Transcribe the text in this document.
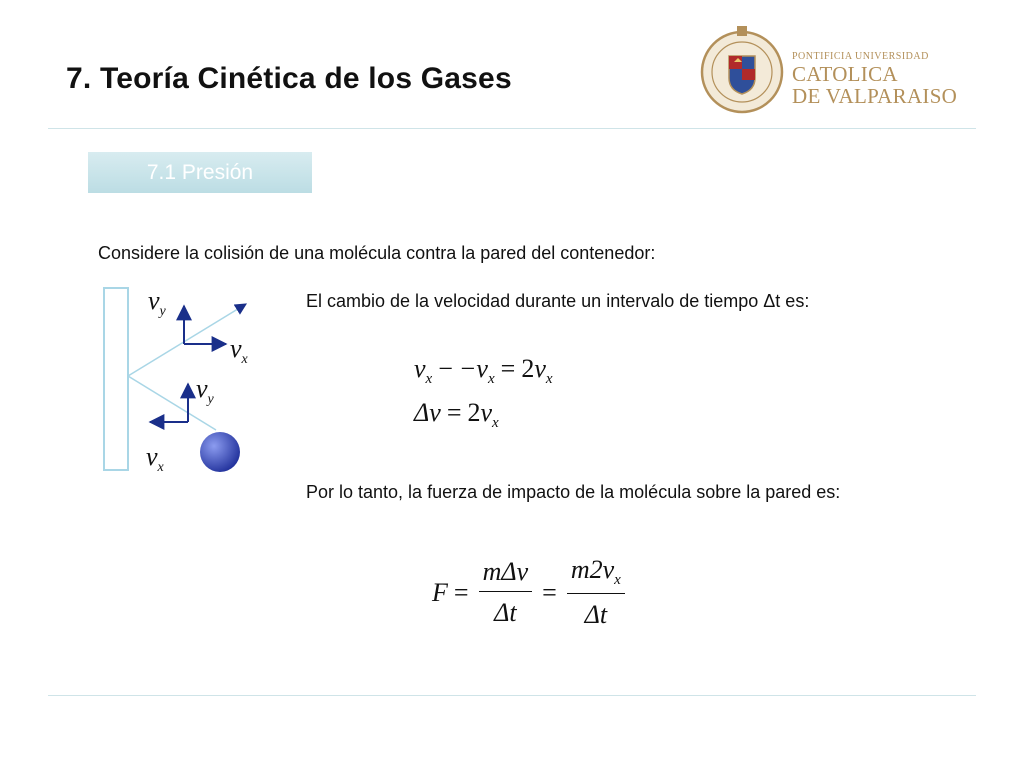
7. Teoría Cinética de los Gases
PONTIFICIA UNIVERSIDAD
CATOLICA
DE VALPARAISO
7.1 Presión
Considere la colisión de una molécula contra la pared del contenedor:
$v_y$
$v_x$
$v_y$
$v_x$
El cambio de la velocidad durante un intervalo de tiempo Δt es:
$v_x - -v_x = 2v_x$
$\Delta v = 2v_x$
Por lo tanto, la fuerza de impacto de la molécula sobre la pared es:
$F = \frac{\text{mΔv}}{\Delta t} = \frac{m2v_x}{\Delta t}$
